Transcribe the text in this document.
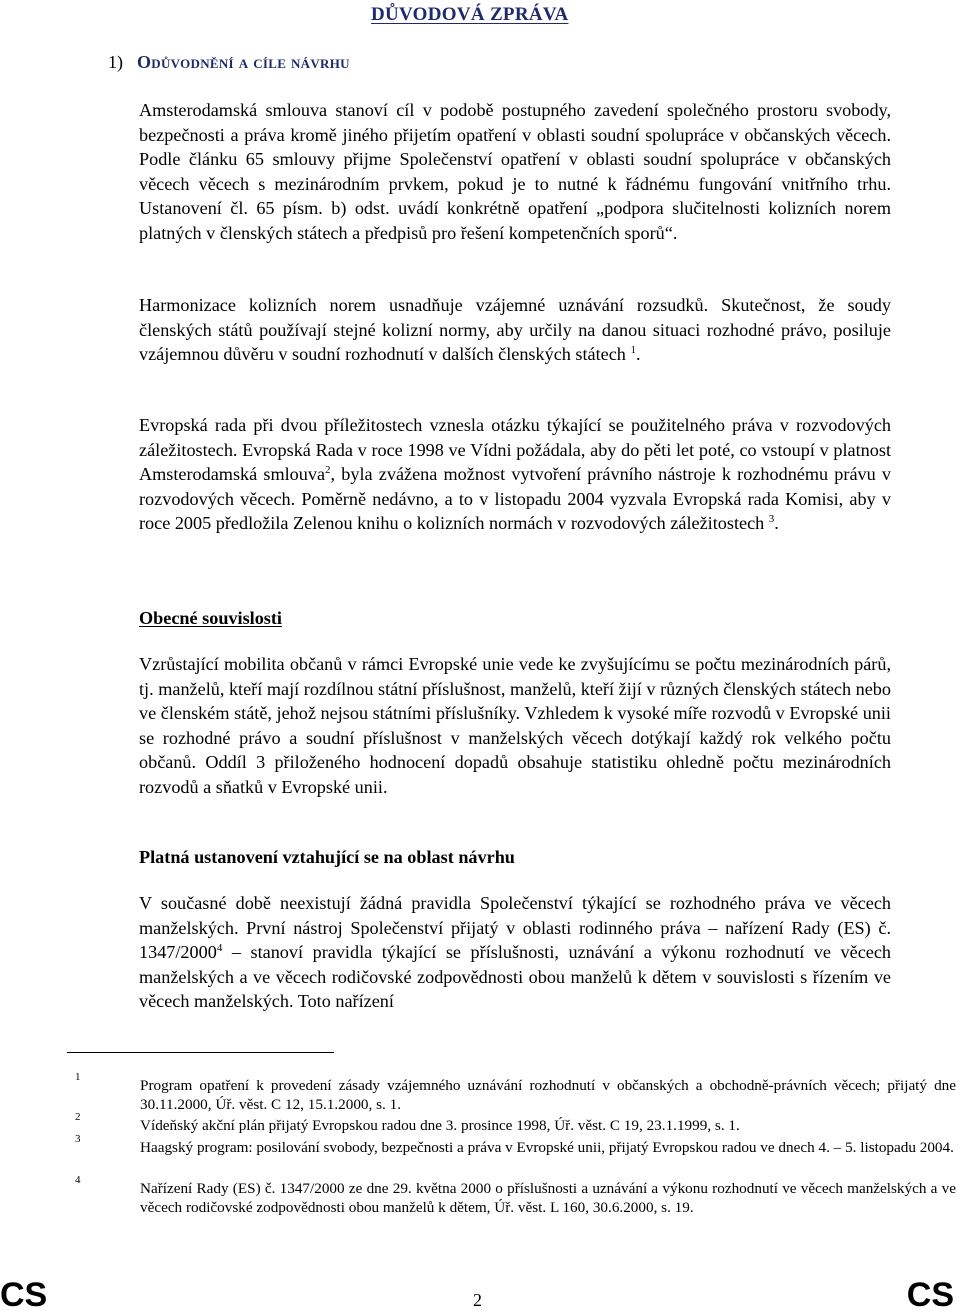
DŮVODOVÁ ZPRÁVA
1) Odůvodnění a cíle návrhu

Amsterodamská smlouva stanoví cíl v podobě postupného zavedení společného prostoru svobody, bezpečnosti a práva kromě jiného přijetím opatření v oblasti soudní spolupráce v občanských věcech. Podle článku 65 smlouvy přijme Společenství opatření v oblasti soudní spolupráce v občanských věcech věcech s mezinárodním prvkem, pokud je to nutné k řádnému fungování vnitřního trhu. Ustanovení čl. 65 písm. b) odst. uvádí konkrétně opatření „podpora slučitelnosti kolizních norem platných v členských státech a předpisů pro řešení kompetenčních sporů“.

Harmonizace kolizních norem usnadňuje vzájemné uznávání rozsudků. Skutečnost, že soudy členských států používají stejné kolizní normy, aby určily na danou situaci rozhodné právo, posiluje vzájemnou důvěru v soudní rozhodnutí v dalších členských státech $^1$.

Evropská rada při dvou příležitostech vznesla otázku týkající se použitelného práva v rozvodových záležitostech. Evropská Rada v roce 1998 ve Vídni požádala, aby do pěti let poté, co vstoupí v platnost Amsterodamská smlouva$^2$, byla zvážena možnost vytvoření právního nástroje k rozhodnému právu v rozvodových věcech. Poměrně nedávno, a to v listopadu 2004 vyzvala Evropská rada Komisi, aby v roce 2005 předložila Zelenou knihu o kolizních normách v rozvodových záležitostech $^3$.

Obecné souvislosti

Vzrůstající mobilita občanů v rámci Evropské unie vede ke zvyšujícímu se počtu mezinárodních párů, tj. manželů, kteří mají rozdílnou státní příslušnost, manželů, kteří žijí v různých členských státech nebo ve členském státě, jehož nejsou státními příslušníky. Vzhledem k vysoké míře rozvodů v Evropské unii se rozhodné právo a soudní příslušnost v manželských věcech dotýkají každý rok velkého počtu občanů. Oddíl 3 přiloženého hodnocení dopadů obsahuje statistiku ohledně počtu mezinárodních rozvodů a sňatků v Evropské unii.

Platná ustanovení vztahující se na oblast návrhu

V současné době neexistují žádná pravidla Společenství týkající se rozhodného práva ve věcech manželských. První nástroj Společenství přijatý v oblasti rodinného práva – nařízení Rady (ES) č. 1347/2000$^4$ – stanoví pravidla týkající se příslušnosti, uznávání a výkonu rozhodnutí ve věcech manželských a ve věcech rodičovské zodpovědnosti obou manželů k dětem v souvislosti s řízením ve věcech manželských. Toto nařízení

1	Program opatření k provedení zásady vzájemného uznávání rozhodnutí v občanských a obchodně-právních věcech; přijatý dne 30.11.2000, Úř. věst. C 12, 15.1.2000, s. 1.

2	Vídeňský akční plán přijatý Evropskou radou dne 3. prosince 1998, Úř. věst. C 19, 23.1.1999, s. 1.

3	Haagský program: posilování svobody, bezpečnosti a práva v Evropské unii, přijatý Evropskou radou ve dnech 4. – 5. listopadu 2004.

4	Nařízení Rady (ES) č. 1347/2000 ze dne 29. května 2000 o příslušnosti a uznávání a výkonu rozhodnutí ve věcech manželských a ve věcech rodičovské zodpovědnosti obou manželů k dětem, Úř. věst. L 160, 30.6.2000, s. 19.

CS	2	CS
